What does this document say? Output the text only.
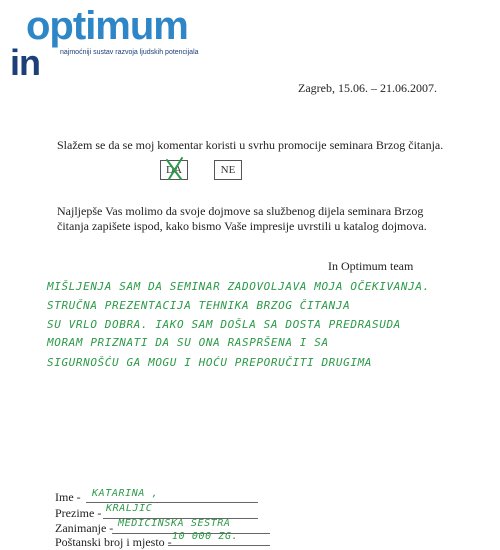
optimum
in	najmoćniji sustav razvoja ljudskih potencijala
Zagreb, 15.06. – 21.06.2007.
Slažem se da se moj komentar koristi u svrhu promocije seminara Brzog čitanja.
DA	NE
Najljepše Vas molimo da svoje dojmove sa službenog dijela seminara Brzog čitanja zapišete ispod, kako bismo Vaše impresije uvrstili u katalog dojmova.
In Optimum team
MIŠLJENJA SAM DA SEMINAR ZADOVOLJAVA MOJA OČEKIVANJA.
STRUČNA PREZENTACIJA TEHNIKA BRZOG ČITANJA
SU VRLO DOBRA. IAKO SAM DOŠLA SA DOSTA PREDRASUDA
MORAM PRIZNATI DA SU ONA RASPRŠENA I SA
SIGURNOŠĆU GA MOGU I HOĆU PREPORUČITI DRUGIMA
Ime - KATARINA ,
Prezime - KRALJIĆ
Zanimanje - MEDICINSKA SESTRA
Poštanski broj i mjesto - 10 000 ZG.
